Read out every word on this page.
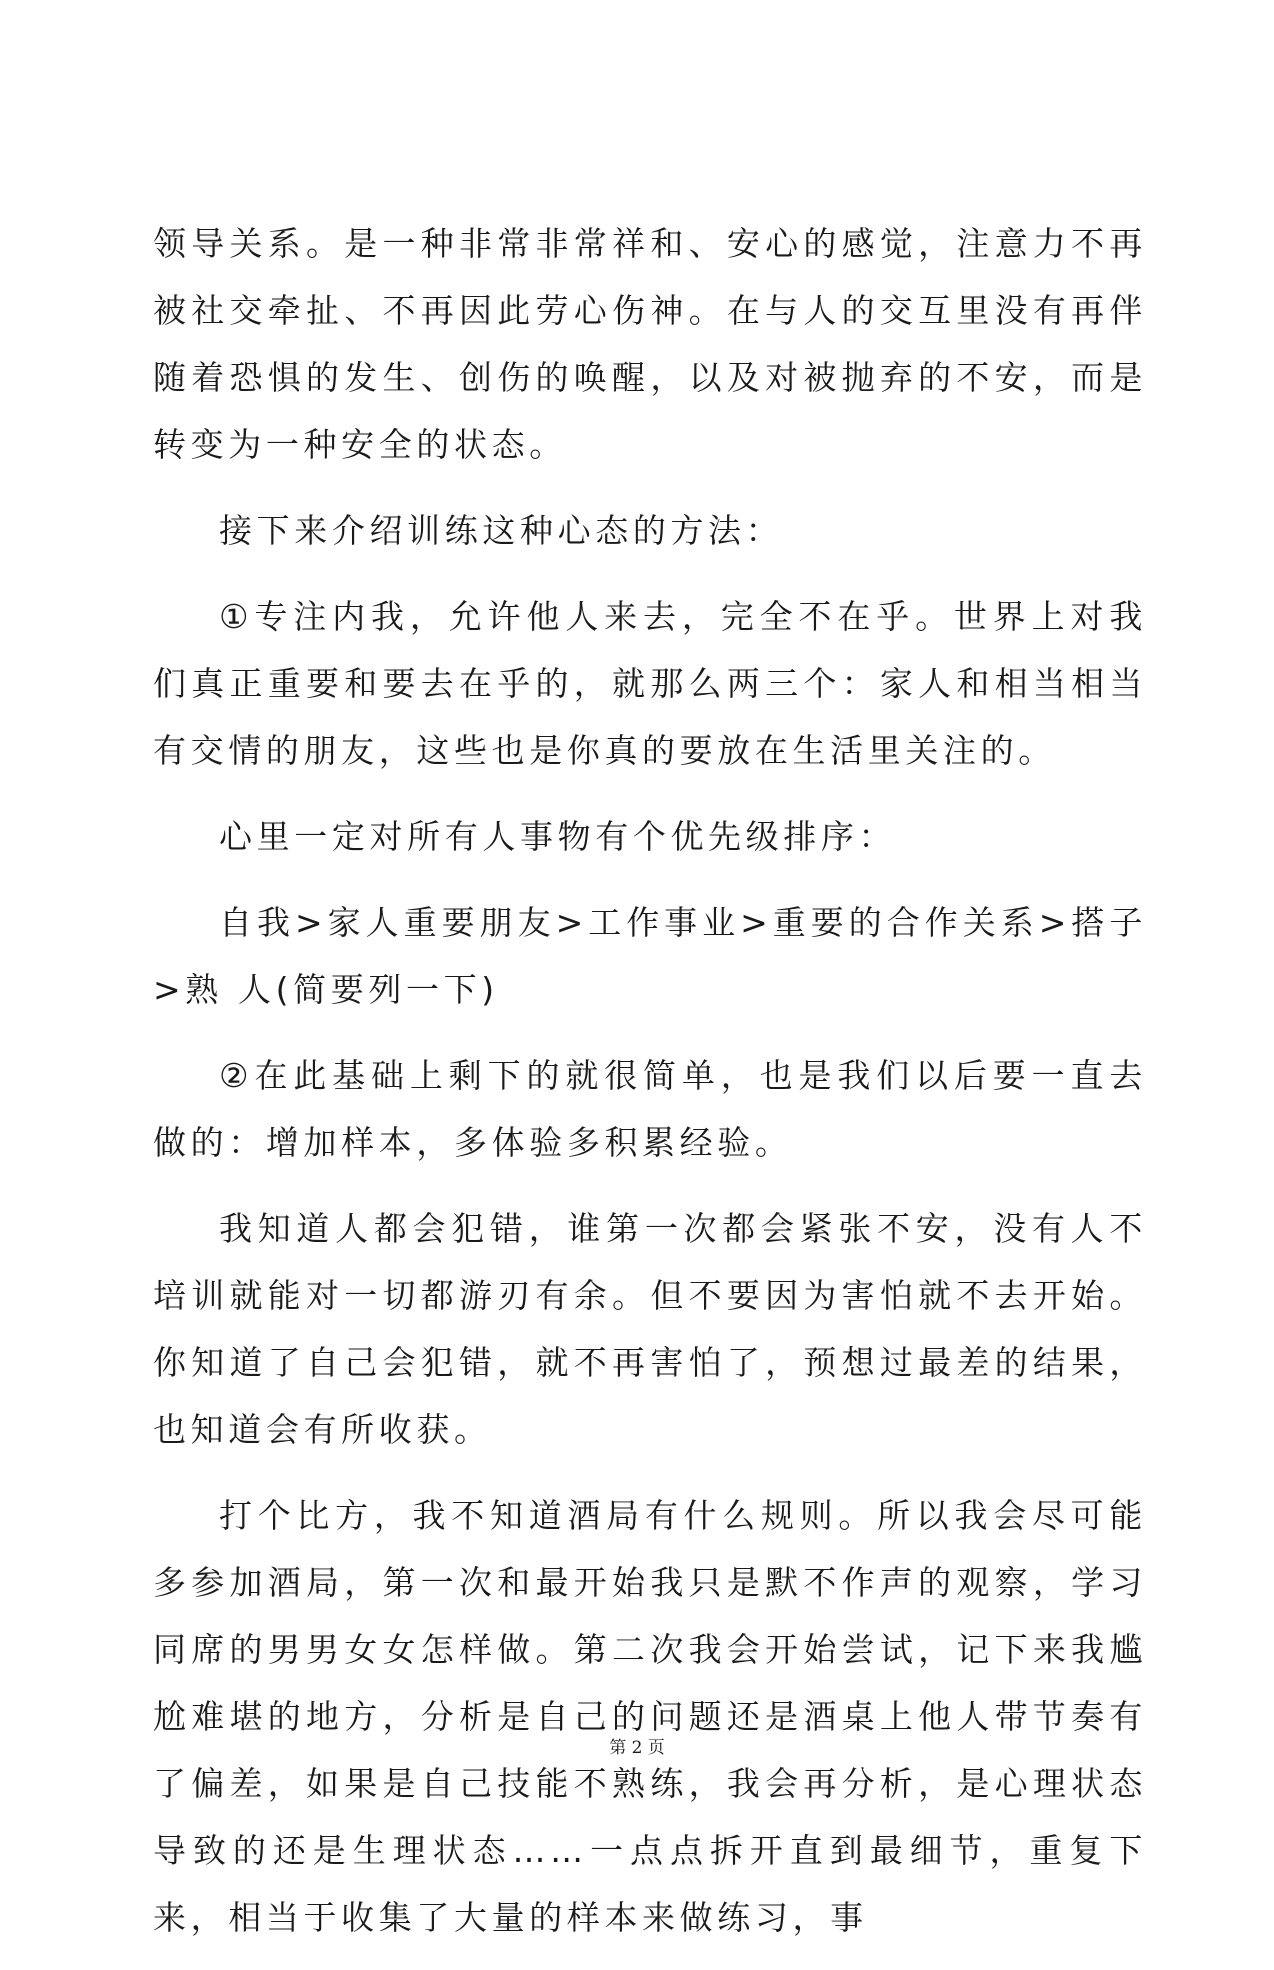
领导关系。是一种非常非常祥和、安心的感觉，注意力不再被社交牵扯、不再因此劳心伤神。在与人的交互里没有再伴随着恐惧的发生、创伤的唤醒，以及对被抛弃的不安，而是转变为一种安全的状态。

接下来介绍训练这种心态的方法：

①专注内我，允许他人来去，完全不在乎。世界上对我们真正重要和要去在乎的，就那么两三个：家人和相当相当有交情的朋友，这些也是你真的要放在生活里关注的。

心里一定对所有人事物有个优先级排序：

自我>家人重要朋友>工作事业>重要的合作关系>搭子>熟 人(简要列一下)

②在此基础上剩下的就很简单，也是我们以后要一直去做的：增加样本，多体验多积累经验。

我知道人都会犯错，谁第一次都会紧张不安，没有人不培训就能对一切都游刃有余。但不要因为害怕就不去开始。你知道了自己会犯错，就不再害怕了，预想过最差的结果，也知道会有所收获。

打个比方，我不知道酒局有什么规则。所以我会尽可能多参加酒局，第一次和最开始我只是默不作声的观察，学习同席的男男女女怎样做。第二次我会开始尝试，记下来我尴尬难堪的地方，分析是自己的问题还是酒桌上他人带节奏有了偏差，如果是自己技能不熟练，我会再分析，是心理状态导致的还是生理状态……一点点拆开直到最细节，重复下来，相当于收集了大量的样本来做练习，事

第 2 页
